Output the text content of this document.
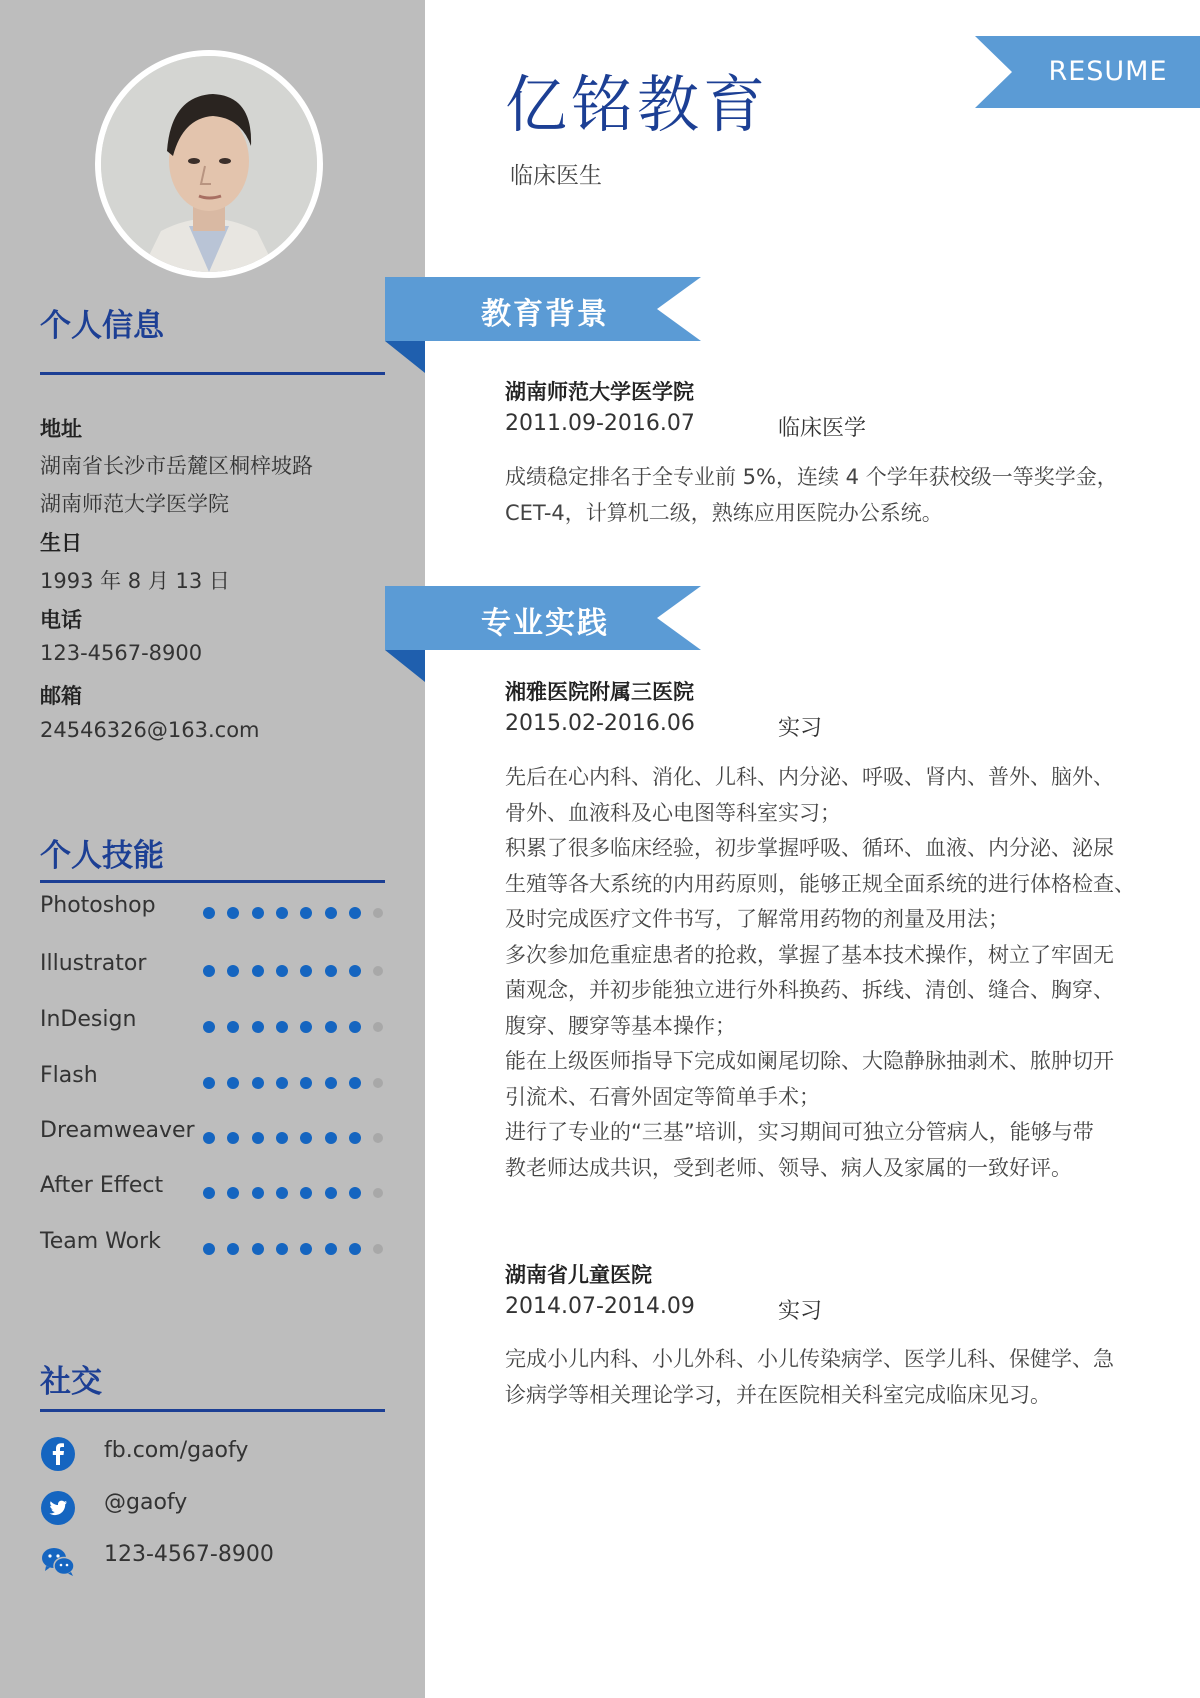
个人信息
地址
湖南省长沙市岳麓区桐梓坡路
湖南师范大学医学院
生日
1993 年 8 月 13 日
电话
123-4567-8900
邮箱
24546326@163.com
个人技能
Photoshop
Illustrator
InDesign
Flash
Dreamweaver
After Effect
Team Work
社交
fb.com/gaofy
@gaofy
123-4567-8900
亿铭教育
临床医生
RESUME
教育背景
湖南师范大学医学院
2011.09-2016.07	临床医学

成绩稳定排名于全专业前 5%，连续 4 个学年获校级一等奖学金，

CET-4，计算机二级，熟练应用医院办公系统。

专业实践
湘雅医院附属三医院
2015.02-2016.06	实习

先后在心内科、消化、儿科、内分泌、呼吸、肾内、普外、脑外、

骨外、血液科及心电图等科室实习；

积累了很多临床经验，初步掌握呼吸、循环、血液、内分泌、泌尿

生殖等各大系统的内用药原则，能够正规全面系统的进行体格检查、

及时完成医疗文件书写，了解常用药物的剂量及用法；

多次参加危重症患者的抢救，掌握了基本技术操作，树立了牢固无

菌观念，并初步能独立进行外科换药、拆线、清创、缝合、胸穿、

腹穿、腰穿等基本操作；

能在上级医师指导下完成如阑尾切除、大隐静脉抽剥术、脓肿切开

引流术、石膏外固定等简单手术；

进行了专业的“三基”培训，实习期间可独立分管病人，能够与带

教老师达成共识，受到老师、领导、病人及家属的一致好评。

湖南省儿童医院
2014.07-2014.09	实习

完成小儿内科、小儿外科、小儿传染病学、医学儿科、保健学、急

诊病学等相关理论学习，并在医院相关科室完成临床见习。
